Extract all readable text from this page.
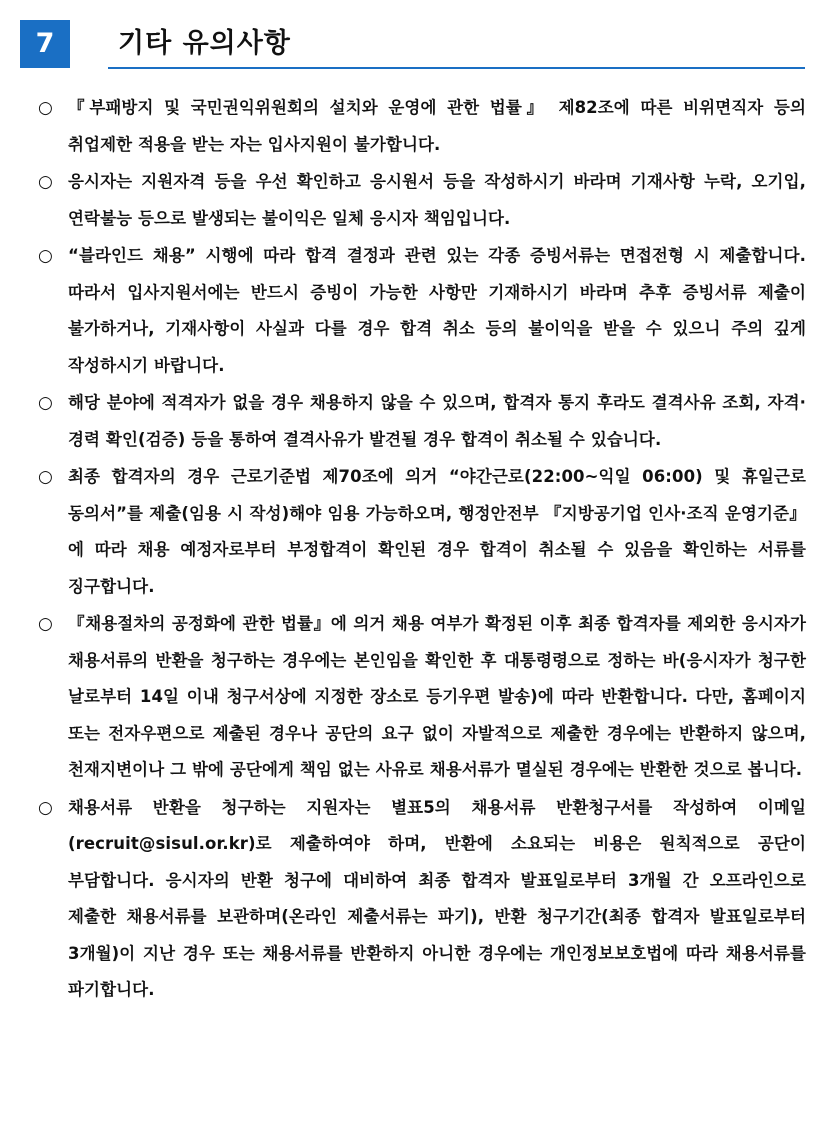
7	기타 유의사항
○ 『부패방지 및 국민권익위원회의 설치와 운영에 관한 법률』 제82조에 따른 비위면직자 등의 취업제한 적용을 받는 자는 입사지원이 불가합니다.
○ 응시자는 지원자격 등을 우선 확인하고 응시원서 등을 작성하시기 바라며 기재사항 누락, 오기입, 연락불능 등으로 발생되는 불이익은 일체 응시자 책임입니다.
○ “블라인드 채용” 시행에 따라 합격 결정과 관련 있는 각종 증빙서류는 면접전형 시 제출합니다. 따라서 입사지원서에는 반드시 증빙이 가능한 사항만 기재하시기 바라며 추후 증빙서류 제출이 불가하거나, 기재사항이 사실과 다를 경우 합격 취소 등의 불이익을 받을 수 있으니 주의 깊게 작성하시기 바랍니다.
○ 해당 분야에 적격자가 없을 경우 채용하지 않을 수 있으며, 합격자 통지 후라도 결격사유 조회, 자격·경력 확인(검증) 등을 통하여 결격사유가 발견될 경우 합격이 취소될 수 있습니다.
○ 최종 합격자의 경우 근로기준법 제70조에 의거 “야간근로(22:00~익일 06:00) 및 휴일근로 동의서”를 제출(임용 시 작성)해야 임용 가능하오며, 행정안전부 『지방공기업 인사·조직 운영기준』에 따라 채용 예정자로부터 부정합격이 확인된 경우 합격이 취소될 수 있음을 확인하는 서류를 징구합니다.
○ 『채용절차의 공정화에 관한 법률』에 의거 채용 여부가 확정된 이후 최종 합격자를 제외한 응시자가 채용서류의 반환을 청구하는 경우에는 본인임을 확인한 후 대통령령으로 정하는 바(응시자가 청구한 날로부터 14일 이내 청구서상에 지정한 장소로 등기우편 발송)에 따라 반환합니다. 다만, 홈페이지 또는 전자우편으로 제출된 경우나 공단의 요구 없이 자발적으로 제출한 경우에는 반환하지 않으며, 천재지변이나 그 밖에 공단에게 책임 없는 사유로 채용서류가 멸실된 경우에는 반환한 것으로 봅니다.
○ 채용서류 반환을 청구하는 지원자는 별표5의 채용서류 반환청구서를 작성하여 이메일(recruit@sisul.or.kr)로 제출하여야 하며, 반환에 소요되는 비용은 원칙적으로 공단이 부담합니다. 응시자의 반환 청구에 대비하여 최종 합격자 발표일로부터 3개월 간 오프라인으로 제출한 채용서류를 보관하며(온라인 제출서류는 파기), 반환 청구기간(최종 합격자 발표일로부터 3개월)이 지난 경우 또는 채용서류를 반환하지 아니한 경우에는 개인정보보호법에 따라 채용서류를 파기합니다.
